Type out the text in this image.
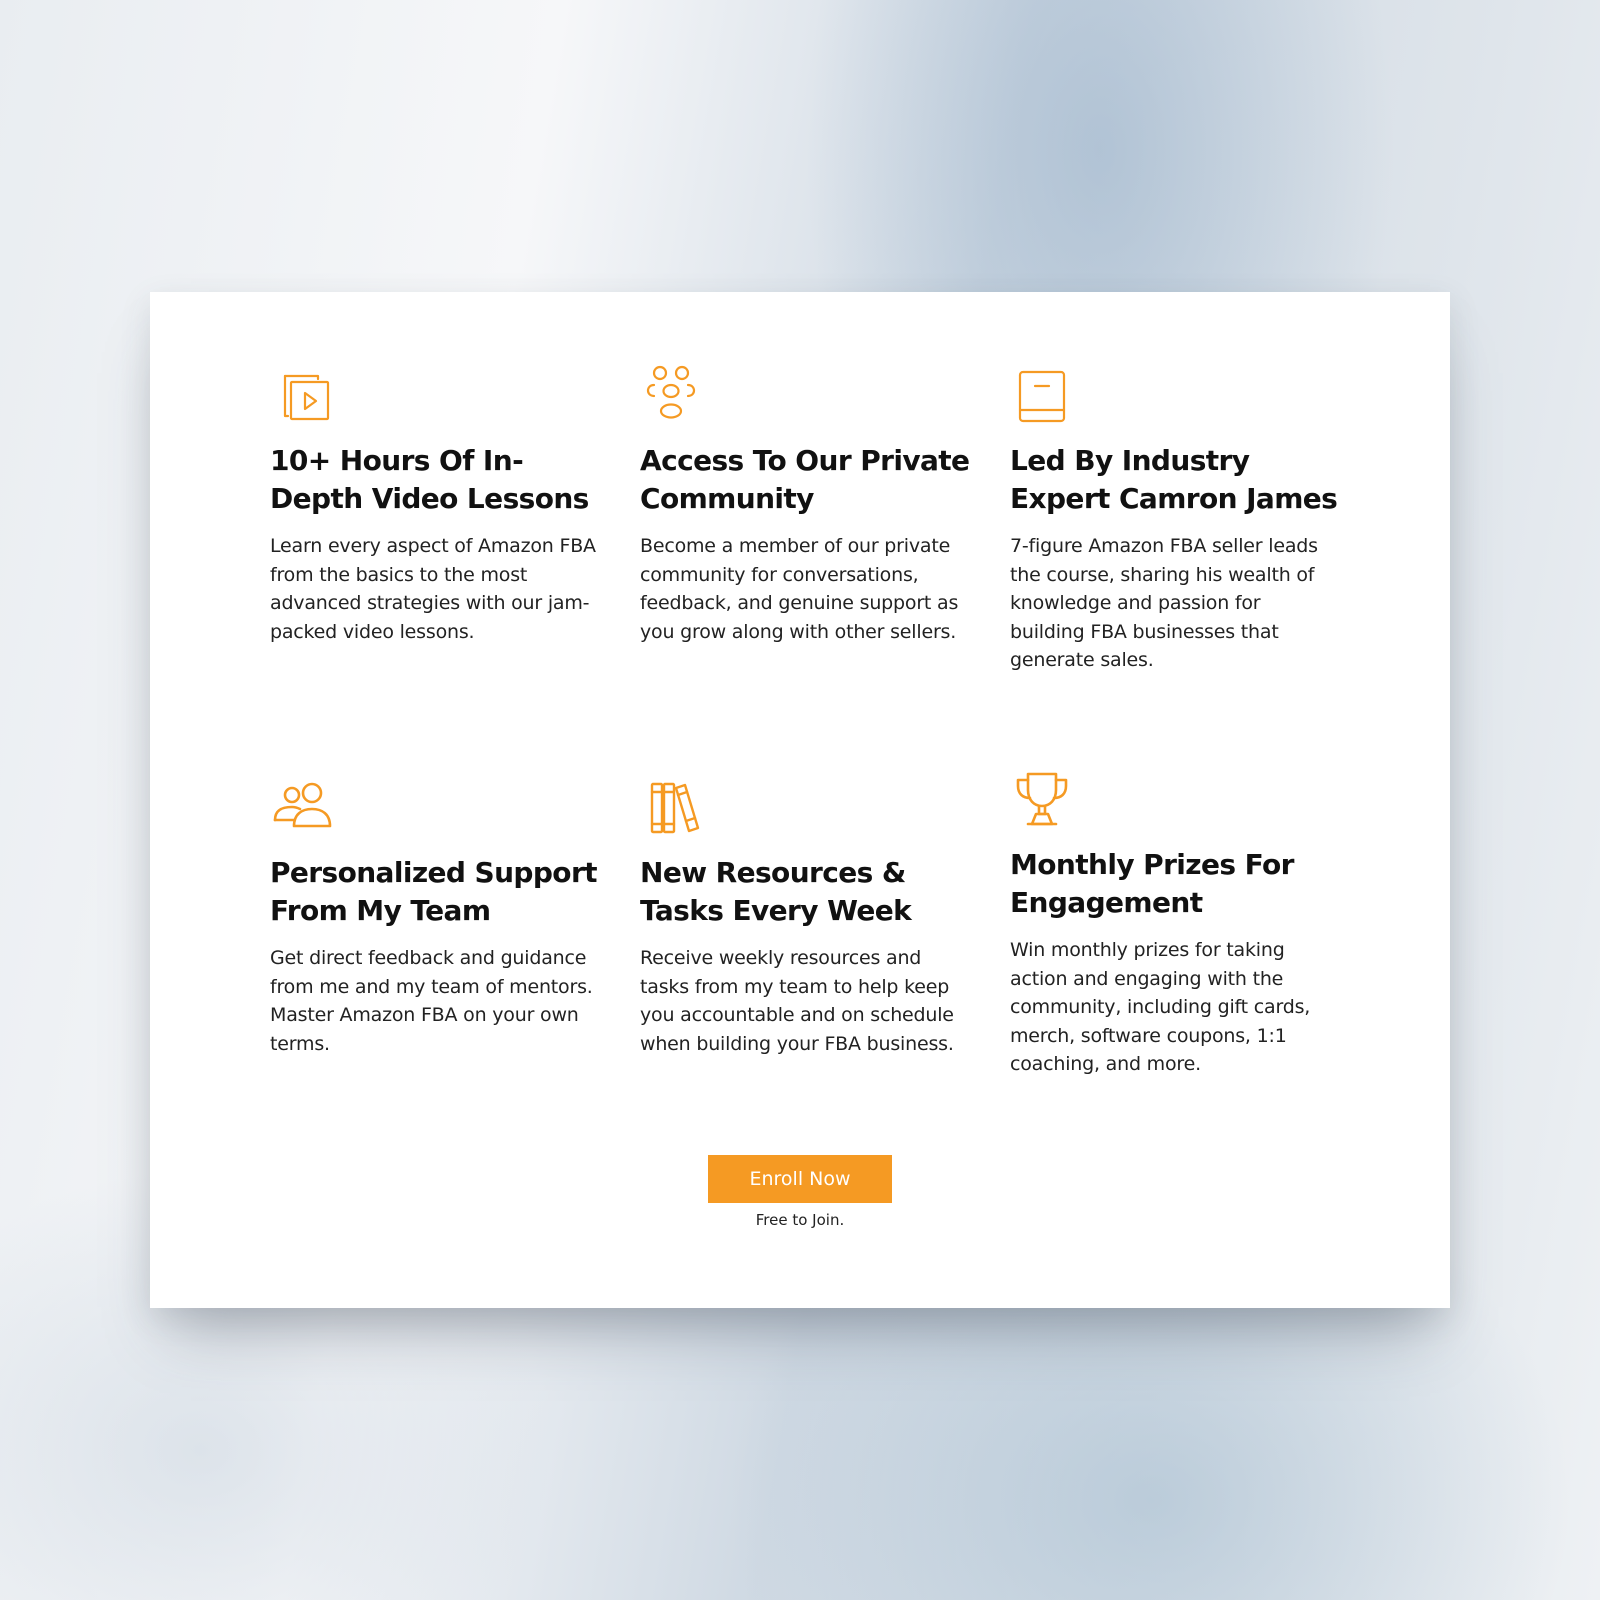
10+ Hours Of In-Depth Video Lessons

Learn every aspect of Amazon FBA from the basics to the most advanced strategies with our jam-packed video lessons.

Access To Our Private Community

Become a member of our private community for conversations, feedback, and genuine support as you grow along with other sellers.

Led By Industry Expert Camron James

7-figure Amazon FBA seller leads the course, sharing his wealth of knowledge and passion for building FBA businesses that generate sales.

Personalized Support From My Team

Get direct feedback and guidance from me and my team of mentors. Master Amazon FBA on your own terms.

New Resources & Tasks Every Week

Receive weekly resources and tasks from my team to help keep you accountable and on schedule when building your FBA business.

Monthly Prizes For Engagement

Win monthly prizes for taking action and engaging with the community, including gift cards, merch, software coupons, 1:1 coaching, and more.

Enroll Now
Free to Join.
